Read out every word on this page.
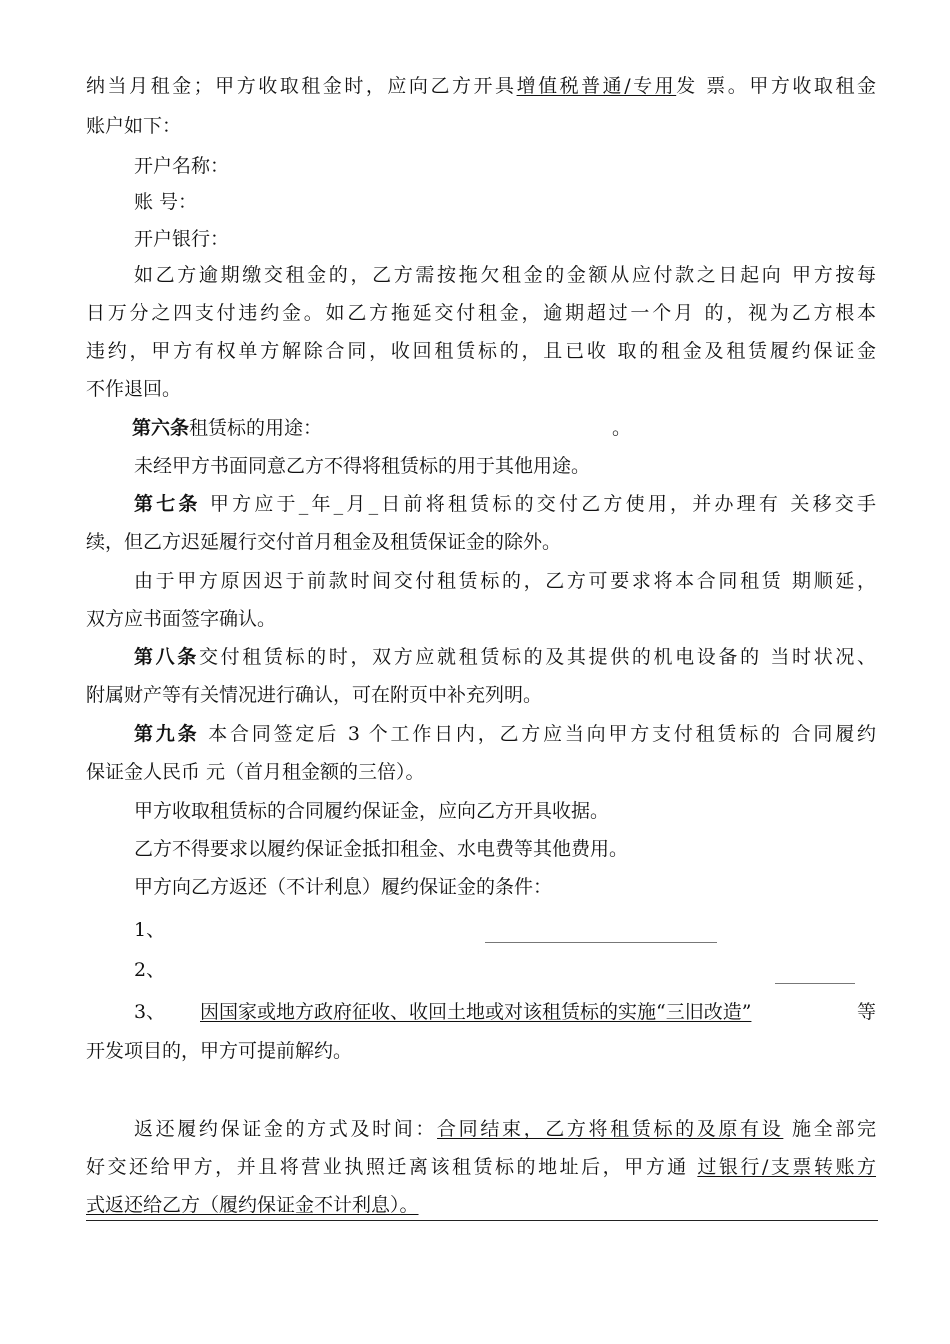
纳当月租金；甲方收取租金时，应向乙方开具增值税普通/专用发 票。甲方收取租金
账户如下：
开户名称：
账 号：
开户银行：
如乙方逾期缴交租金的，乙方需按拖欠租金的金额从应付款之日起向 甲方按每
日万分之四支付违约金。如乙方拖延交付租金，逾期超过一个月 的，视为乙方根本
违约，甲方有权单方解除合同，收回租赁标的，且已收 取的租金及租赁履约保证金
不作退回。
第六条租赁标的用途：	。
未经甲方书面同意乙方不得将租赁标的用于其他用途。
第七条 甲方应于_年_月_日前将租赁标的交付乙方使用，并办理有 关移交手
续，但乙方迟延履行交付首月租金及租赁保证金的除外。
由于甲方原因迟于前款时间交付租赁标的，乙方可要求将本合同租赁 期顺延，
双方应书面签字确认。
第八条交付租赁标的时，双方应就租赁标的及其提供的机电设备的 当时状况、
附属财产等有关情况进行确认，可在附页中补充列明。
第九条 本合同签定后 3 个工作日内，乙方应当向甲方支付租赁标的 合同履约
保证金人民币 元（首月租金额的三倍）。
甲方收取租赁标的合同履约保证金，应向乙方开具收据。
乙方不得要求以履约保证金抵扣租金、水电费等其他费用。
甲方向乙方返还（不计利息）履约保证金的条件：
1、
2、
3、 因国家或地方政府征收、收回土地或对该租赁标的实施“三旧改造”	等
开发项目的，甲方可提前解约。
返还履约保证金的方式及时间：合同结束，乙方将租赁标的及原有设 施全部完
好交还给甲方，并且将营业执照迁离该租赁标的地址后，甲方通 过银行/支票转账方
式返还给乙方（履约保证金不计利息）。
